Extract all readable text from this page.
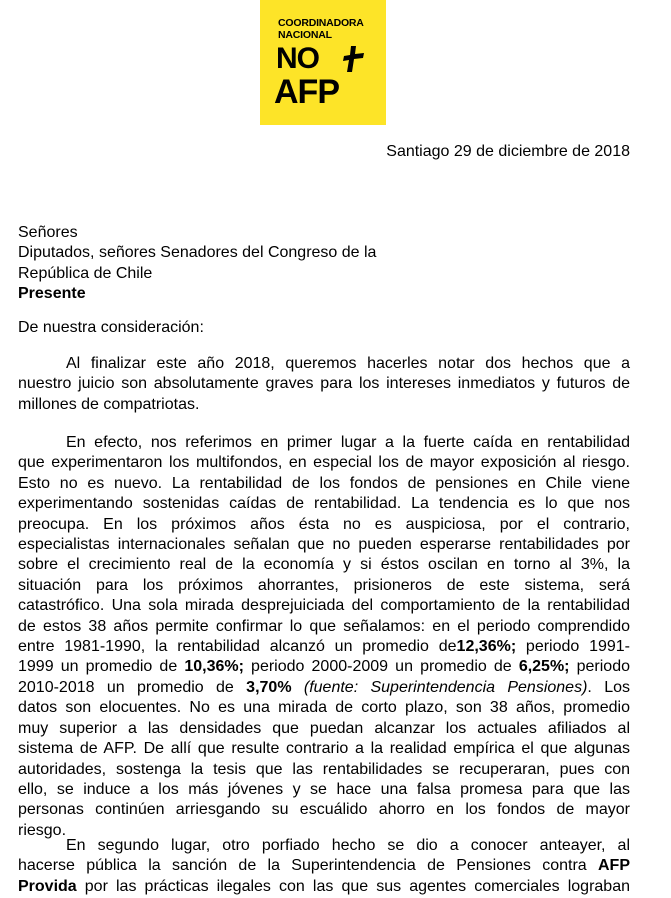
COORDINADORA
NACIONAL
NO
AFP
Santiago 29 de diciembre de 2018
Señores
Diputados, señores Senadores del Congreso de la
República de Chile
Presente
De nuestra consideración:
Al finalizar este año 2018, queremos hacerles notar dos hechos que a
nuestro juicio son absolutamente graves para los intereses inmediatos y futuros de
millones de compatriotas.
En efecto, nos referimos en primer lugar a la fuerte caída en rentabilidad
que experimentaron los multifondos, en especial los de mayor exposición al riesgo.
Esto no es nuevo. La rentabilidad de los fondos de pensiones en Chile viene
experimentando sostenidas caídas de rentabilidad. La tendencia es lo que nos
preocupa. En los próximos años ésta no es auspiciosa, por el contrario,
especialistas internacionales señalan que no pueden esperarse rentabilidades por
sobre el crecimiento real de la economía y si éstos oscilan en torno al 3%, la
situación para los próximos ahorrantes, prisioneros de este sistema, será
catastrófico. Una sola mirada desprejuiciada del comportamiento de la rentabilidad
de estos 38 años permite confirmar lo que señalamos: en el periodo comprendido
entre 1981-1990, la rentabilidad alcanzó un promedio de12,36%; periodo 1991-
1999 un promedio de 10,36%; periodo 2000-2009 un promedio de 6,25%; periodo
2010-2018 un promedio de 3,70% (fuente: Superintendencia Pensiones). Los
datos son elocuentes. No es una mirada de corto plazo, son 38 años, promedio
muy superior a las densidades que puedan alcanzar los actuales afiliados al
sistema de AFP. De allí que resulte contrario a la realidad empírica el que algunas
autoridades, sostenga la tesis que las rentabilidades se recuperaran, pues con
ello, se induce a los más jóvenes y se hace una falsa promesa para que las
personas continúen arriesgando su escuálido ahorro en los fondos de mayor
riesgo.
En segundo lugar, otro porfiado hecho se dio a conocer anteayer, al
hacerse pública la sanción de la Superintendencia de Pensiones contra AFP
Provida por las prácticas ilegales con las que sus agentes comerciales lograban
